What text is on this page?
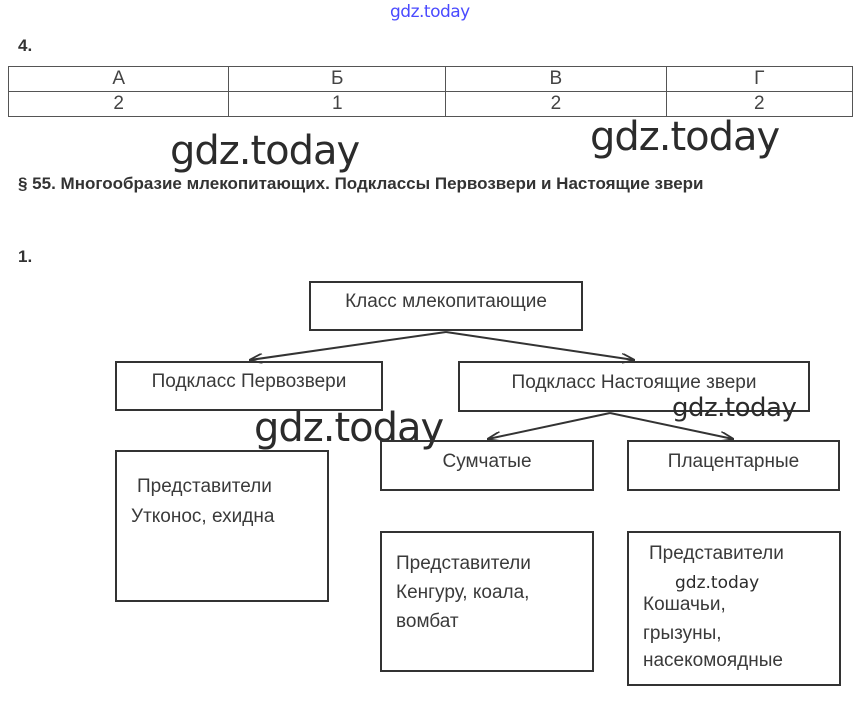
gdz.today
4.
А	Б	В	Г
2	1	2	2
gdz.today	gdz.today
§ 55. Многообразие млекопитающих. Подклассы Первозвери и Настоящие звери
1.
Класс млекопитающие
Подкласс Первозвери	Подкласс Настоящие звери
gdz.today
gdz.today
Сумчатые	Плацентарные
Представители
Утконос, ехидна
Представители
Кенгуру, коала,
вомбат
Представители
gdz.today
Кошачьи,
грызуны,
насекомоядные
